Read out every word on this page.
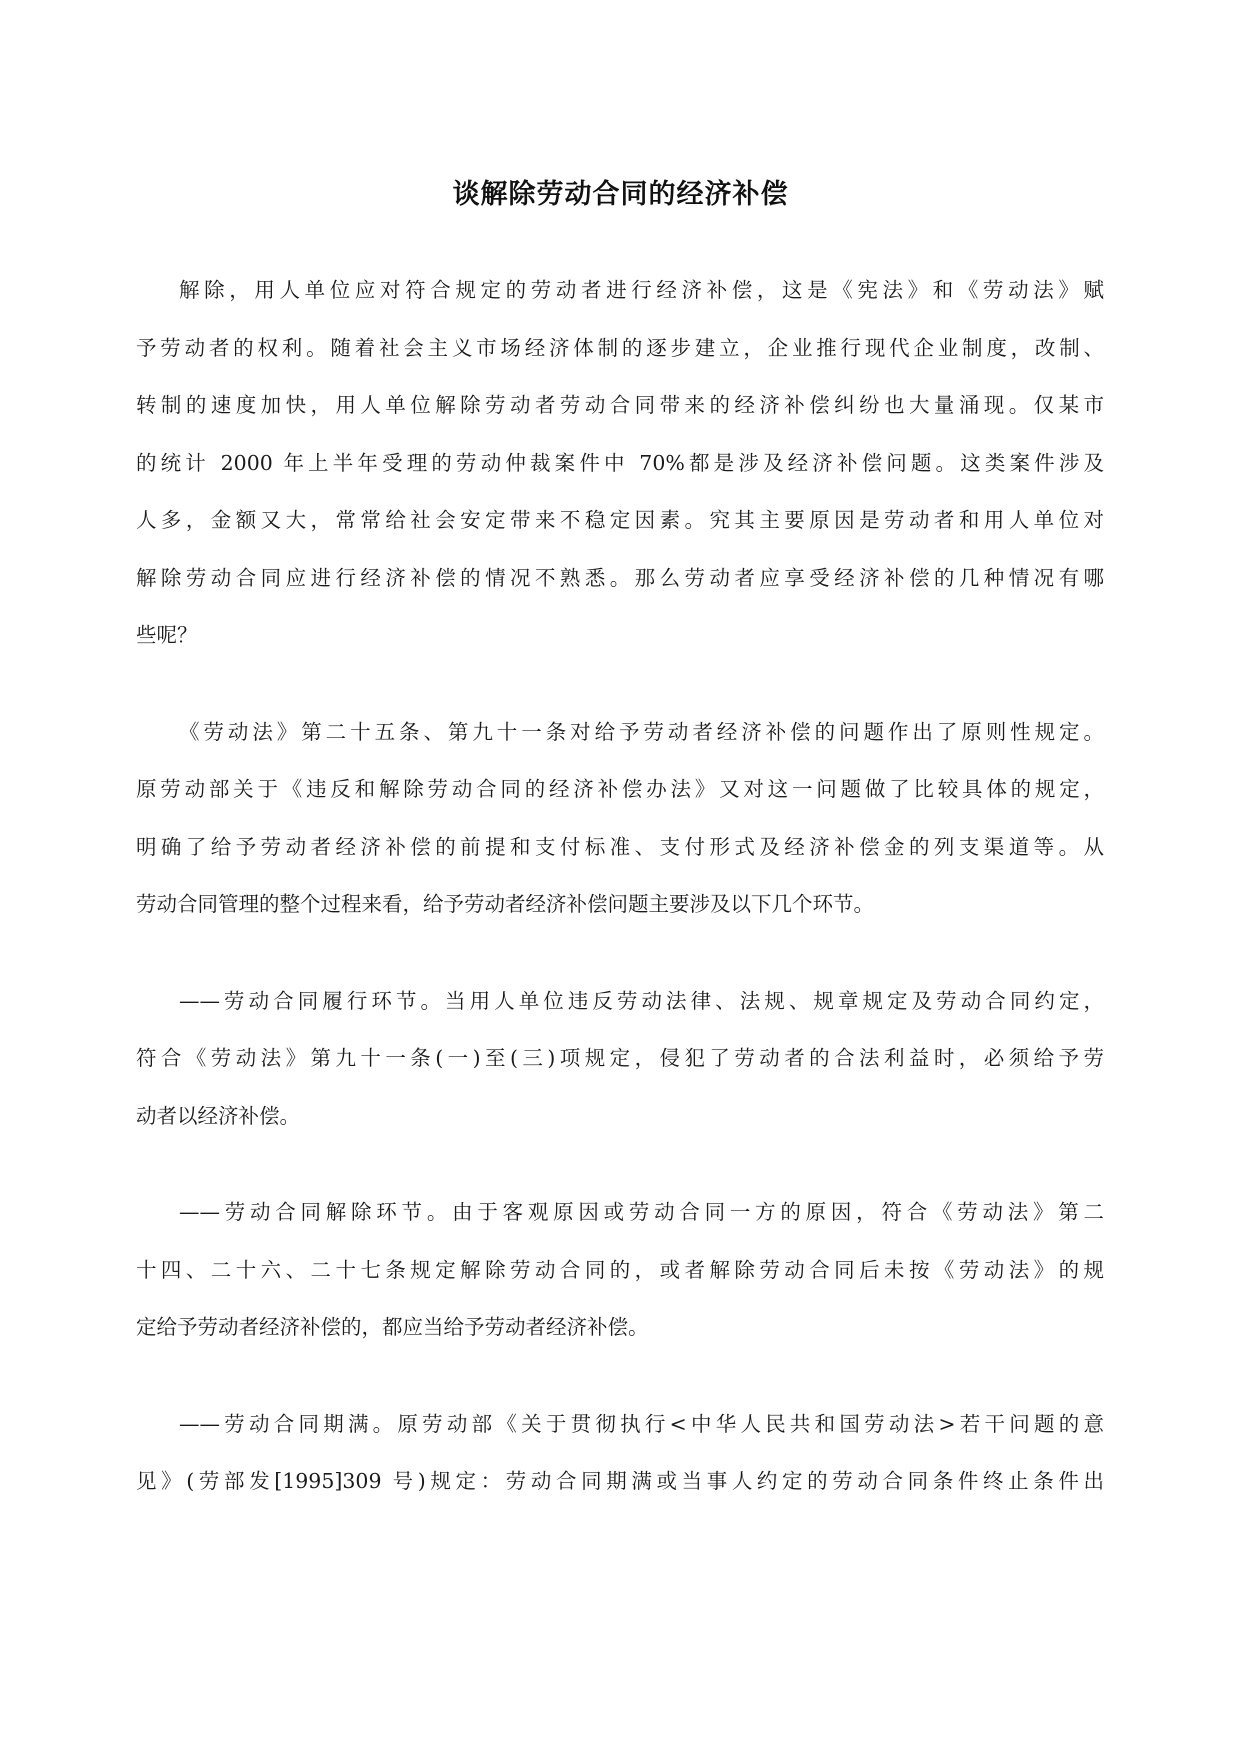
谈解除劳动合同的经济补偿

解除，用人单位应对符合规定的劳动者进行经济补偿，这是《宪法》和《劳动法》赋
予劳动者的权利。随着社会主义市场经济体制的逐步建立，企业推行现代企业制度，改制、
转制的速度加快，用人单位解除劳动者劳动合同带来的经济补偿纠纷也大量涌现。仅某市
的统计 2000 年上半年受理的劳动仲裁案件中 70%都是涉及经济补偿问题。这类案件涉及
人多，金额又大，常常给社会安定带来不稳定因素。究其主要原因是劳动者和用人单位对
解除劳动合同应进行经济补偿的情况不熟悉。那么劳动者应享受经济补偿的几种情况有哪
些呢？

《劳动法》第二十五条、第九十一条对给予劳动者经济补偿的问题作出了原则性规定。
原劳动部关于《违反和解除劳动合同的经济补偿办法》又对这一问题做了比较具体的规定，
明确了给予劳动者经济补偿的前提和支付标准、支付形式及经济补偿金的列支渠道等。从
劳动合同管理的整个过程来看，给予劳动者经济补偿问题主要涉及以下几个环节。

——劳动合同履行环节。当用人单位违反劳动法律、法规、规章规定及劳动合同约定，
符合《劳动法》第九十一条(一)至(三)项规定，侵犯了劳动者的合法利益时，必须给予劳
动者以经济补偿。

——劳动合同解除环节。由于客观原因或劳动合同一方的原因，符合《劳动法》第二
十四、二十六、二十七条规定解除劳动合同的，或者解除劳动合同后未按《劳动法》的规
定给予劳动者经济补偿的，都应当给予劳动者经济补偿。

——劳动合同期满。原劳动部《关于贯彻执行<中华人民共和国劳动法>若干问题的意
见》(劳部发[1995]309 号)规定：劳动合同期满或当事人约定的劳动合同条件终止条件出
